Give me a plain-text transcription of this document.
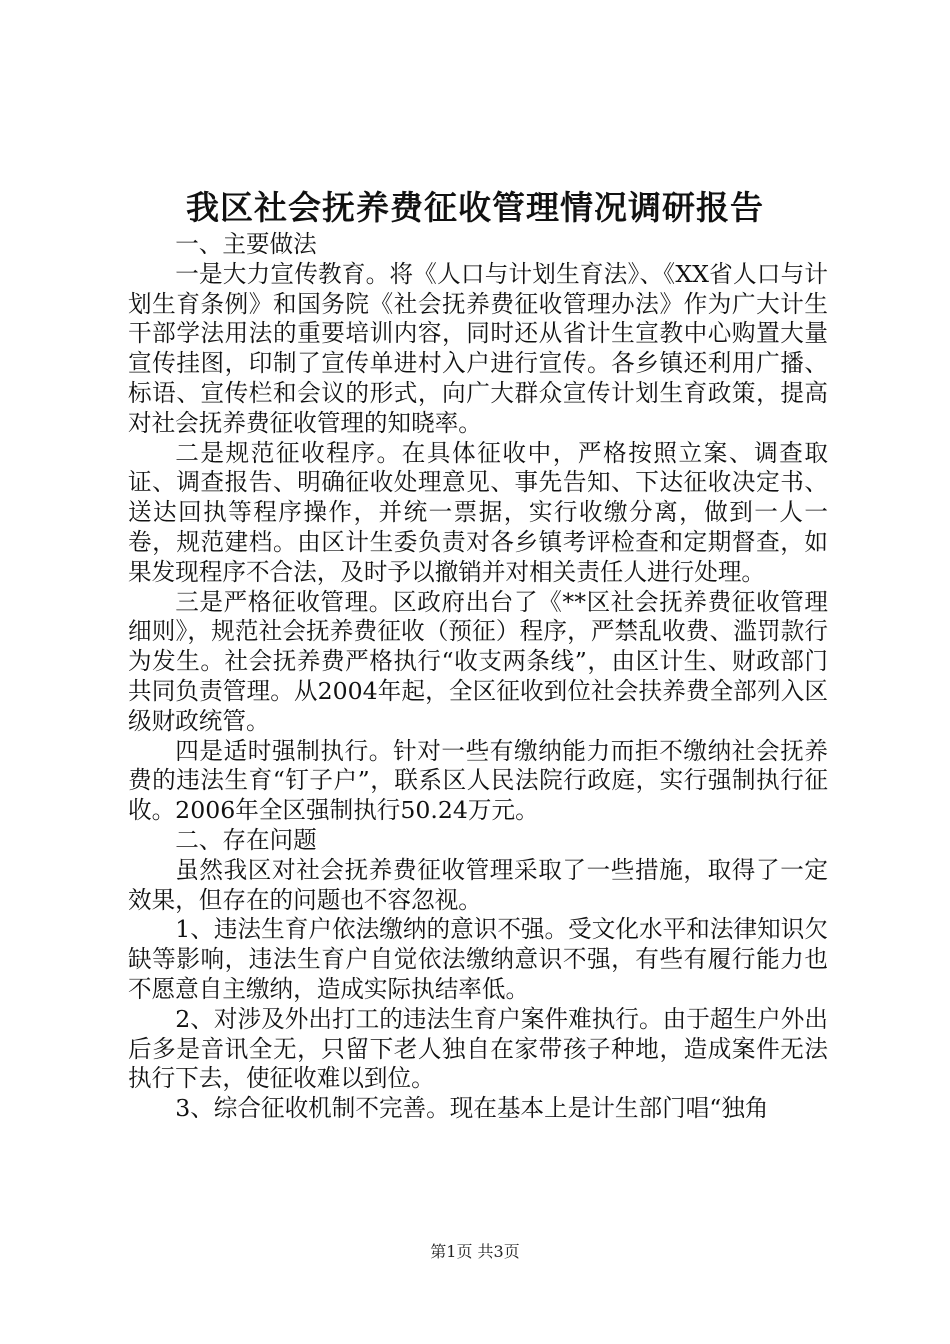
我区社会抚养费征收管理情况调研报告

一、主要做法

一是大力宣传教育。将《人口与计划生育法》、《XX省人口与计划生育条例》和国务院《社会抚养费征收管理办法》作为广大计生干部学法用法的重要培训内容，同时还从省计生宣教中心购置大量宣传挂图，印制了宣传单进村入户进行宣传。各乡镇还利用广播、标语、宣传栏和会议的形式，向广大群众宣传计划生育政策，提高对社会抚养费征收管理的知晓率。

二是规范征收程序。在具体征收中，严格按照立案、调查取证、调查报告、明确征收处理意见、事先告知、下达征收决定书、送达回执等程序操作，并统一票据，实行收缴分离，做到一人一卷，规范建档。由区计生委负责对各乡镇考评检查和定期督查，如果发现程序不合法，及时予以撤销并对相关责任人进行处理。

三是严格征收管理。区政府出台了《**区社会抚养费征收管理细则》，规范社会抚养费征收（预征）程序，严禁乱收费、滥罚款行为发生。社会抚养费严格执行“收支两条线”，由区计生、财政部门共同负责管理。从2004年起，全区征收到位社会扶养费全部列入区级财政统管。

四是适时强制执行。针对一些有缴纳能力而拒不缴纳社会抚养费的违法生育“钉子户”，联系区人民法院行政庭，实行强制执行征收。2006年全区强制执行50.24万元。

二、存在问题

虽然我区对社会抚养费征收管理采取了一些措施，取得了一定效果，但存在的问题也不容忽视。

1、违法生育户依法缴纳的意识不强。受文化水平和法律知识欠缺等影响，违法生育户自觉依法缴纳意识不强，有些有履行能力也不愿意自主缴纳，造成实际执结率低。

2、对涉及外出打工的违法生育户案件难执行。由于超生户外出后多是音讯全无，只留下老人独自在家带孩子种地，造成案件无法执行下去，使征收难以到位。

3、综合征收机制不完善。现在基本上是计生部门唱“独角

第1页 共3页
